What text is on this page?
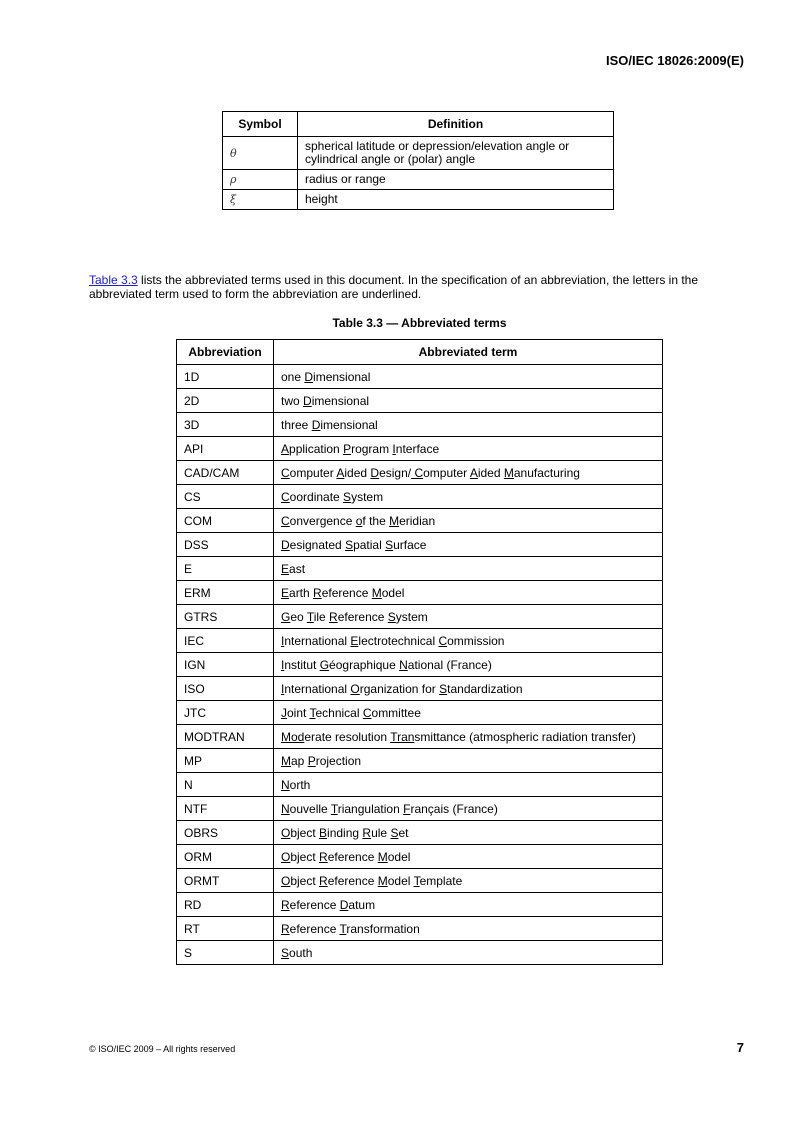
ISO/IEC 18026:2009(E)
Symbol	Definition
θ	spherical latitude or depression/elevation angle or cylindrical angle or (polar) angle
ρ	radius or range
ξ	height

Table 3.3 lists the abbreviated terms used in this document. In the specification of an abbreviation, the letters in the abbreviated term used to form the abbreviation are underlined.

Table 3.3 — Abbreviated terms
Abbreviation	Abbreviated term
1D	one Dimensional
2D	two Dimensional
3D	three Dimensional
API	Application Program Interface
CAD/CAM	Computer Aided Design/ Computer Aided Manufacturing
CS	Coordinate System
COM	Convergence of the Meridian
DSS	Designated Spatial Surface
E	East
ERM	Earth Reference Model
GTRS	Geo Tile Reference System
IEC	International Electrotechnical Commission
IGN	Institut Géographique National (France)
ISO	International Organization for Standardization
JTC	Joint Technical Committee
MODTRAN	Moderate resolution Transmittance (atmospheric radiation transfer)
MP	Map Projection
N	North
NTF	Nouvelle Triangulation Français (France)
OBRS	Object Binding Rule Set
ORM	Object Reference Model
ORMT	Object Reference Model Template
RD	Reference Datum
RT	Reference Transformation
S	South
© ISO/IEC 2009 – All rights reserved	7
